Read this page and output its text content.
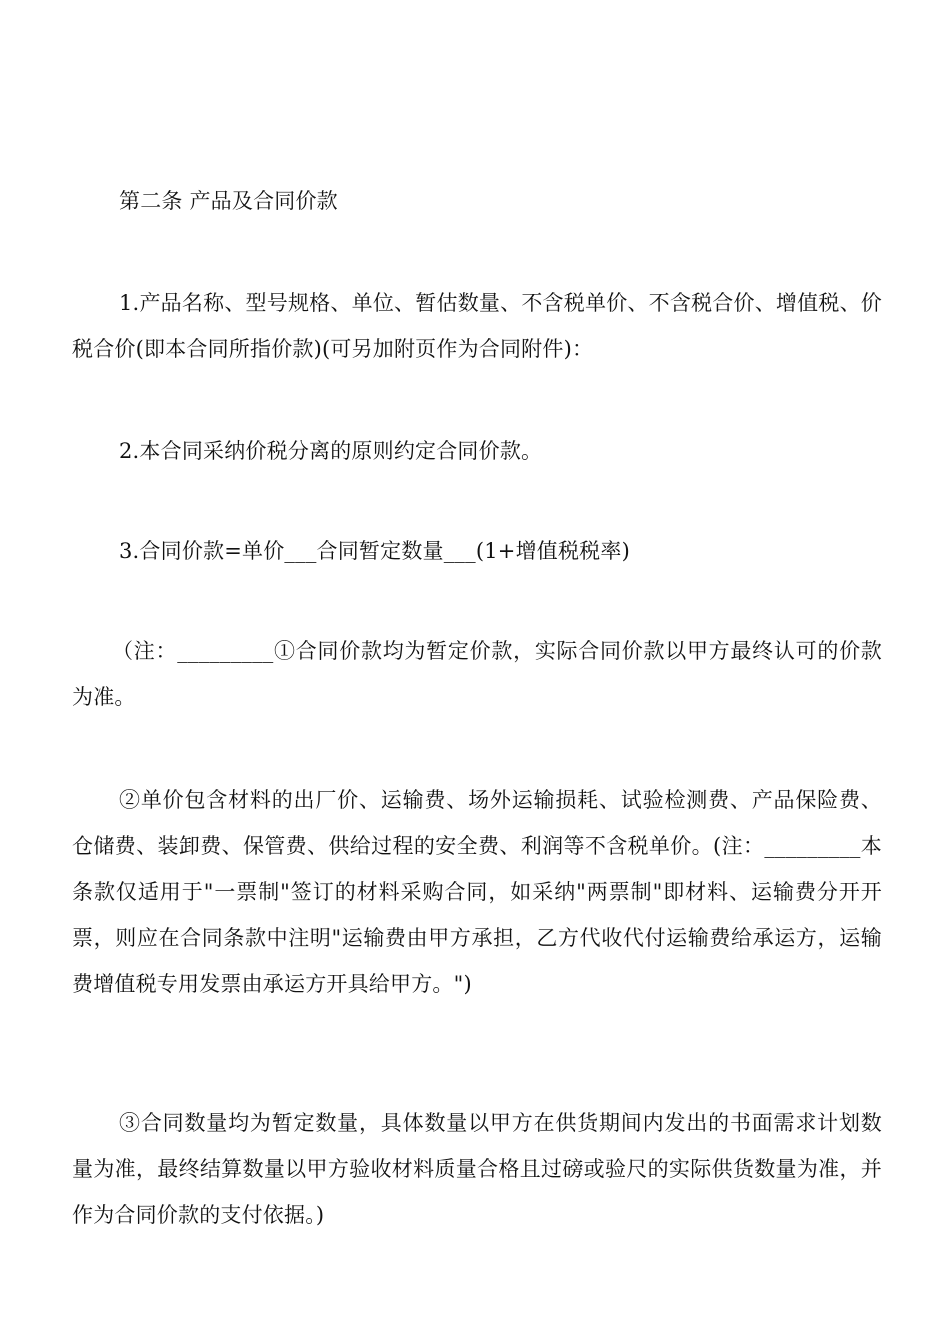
第二条 产品及合同价款

1.产品名称、型号规格、单位、暂估数量、不含税单价、不含税合价、增值税、价税合价(即本合同所指价款)(可另加附页作为合同附件)：

2.本合同采纳价税分离的原则约定合同价款。

3.合同价款=单价___合同暂定数量___(1+增值税税率)

（注：_________①合同价款均为暂定价款，实际合同价款以甲方最终认可的价款为准。

②单价包含材料的出厂价、运输费、场外运输损耗、试验检测费、产品保险费、仓储费、装卸费、保管费、供给过程的安全费、利润等不含税单价。(注：_________本条款仅适用于"一票制"签订的材料采购合同，如采纳"两票制"即材料、运输费分开开票，则应在合同条款中注明"运输费由甲方承担，乙方代收代付运输费给承运方，运输费增值税专用发票由承运方开具给甲方。")

③合同数量均为暂定数量，具体数量以甲方在供货期间内发出的书面需求计划数量为准，最终结算数量以甲方验收材料质量合格且过磅或验尺的实际供货数量为准，并作为合同价款的支付依据。)
